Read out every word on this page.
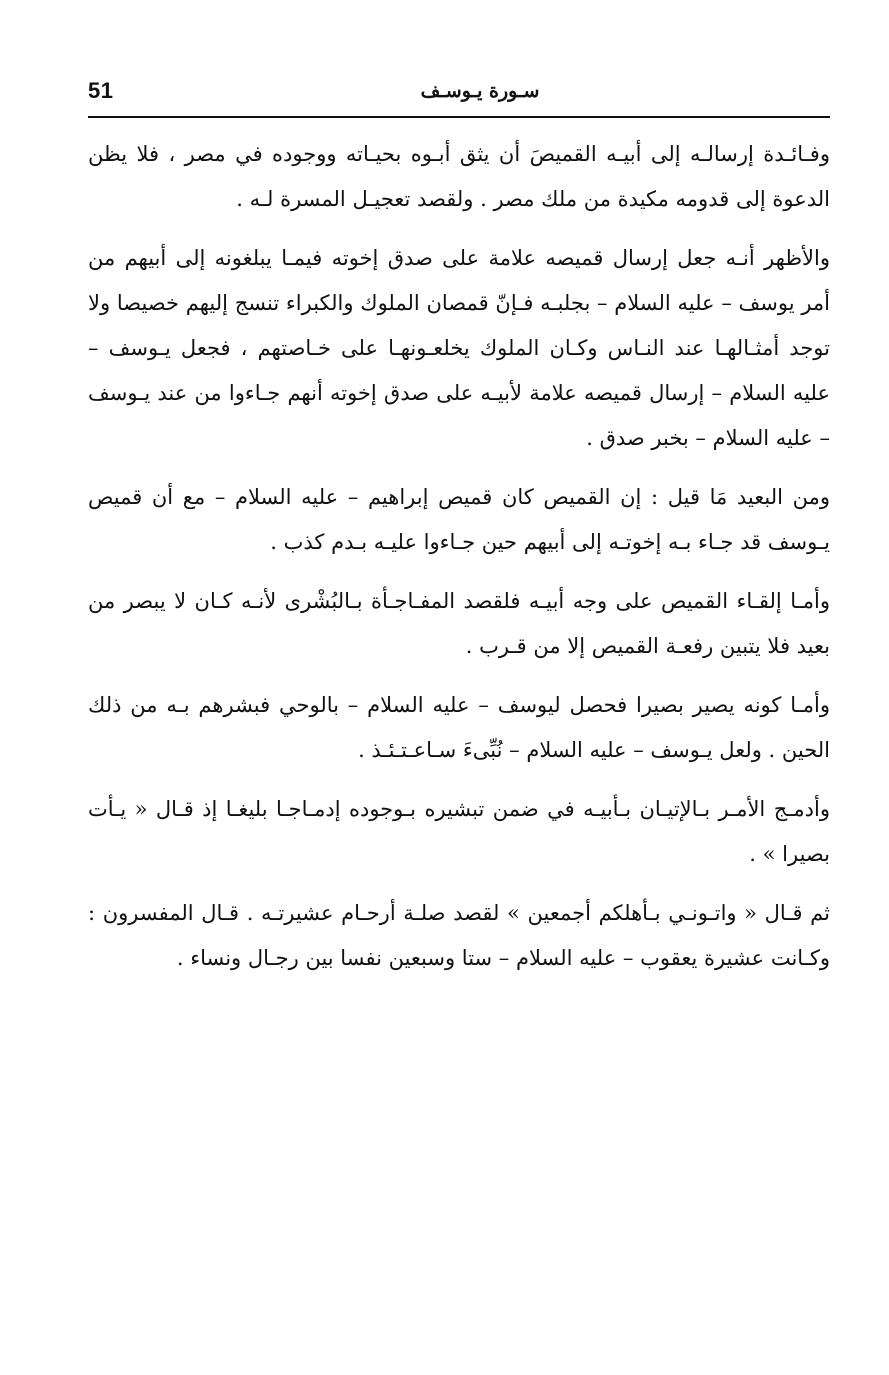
51	سـورة يـوسـف

وفـائـدة إرسالـه إلى أبيـه القميصَ أن يثق أبـوه بحيـاته ووجوده في مصر ، فلا يظن الدعوة إلى قدومه مكيدة من ملك مصر . ولقصد تعجيـل المسرة لـه .

والأظهر أنـه جعل إرسال قميصه علامة على صدق إخوته فيمـا يبلغونه إلى أبيهم من أمر يوسف – عليه السلام – بجلبـه فـإنّ قمصان الملوك والكبراء تنسج إليهم خصيصا ولا توجد أمثـالهـا عند النـاس وكـان الملوك يخلعـونهـا على خـاصتهم ، فجعل يـوسف – عليه السلام – إرسال قميصه علامة لأبيـه على صدق إخوته أنهم جـاءوا من عند يـوسف – عليه السلام – بخبر صدق .

ومن البعيد مَا قيل : إن القميص كان قميص إبراهيم – عليه السلام – مع أن قميص يـوسف قد جـاء بـه إخوتـه إلى أبيهم حين جـاءوا عليـه بـدم كذب .

وأمـا إلقـاء القميص على وجه أبيـه فلقصد المفـاجـأة بـالبُشْرى لأنـه كـان لا يبصر من بعيد فلا يتبين رفعـة القميص إلا من قـرب .

وأمـا كونه يصير بصيرا فحصل ليوسف – عليه السلام – بالوحي فبشرهم بـه من ذلك الحين . ولعل يـوسف – عليه السلام – نُبِّىءَ سـاعـتـئـذ .

وأدمـج الأمـر بـالإتيـان بـأبيـه في ضمن تبشيره بـوجوده إدمـاجـا بليغـا إذ قـال « يـأت بصيرا » .

ثم قـال « واتـونـي بـأهلكم أجمعين » لقصد صلـة أرحـام عشيرتـه . قـال المفسرون : وكـانت عشيرة يعقوب – عليه السلام – ستا وسبعين نفسا بين رجـال ونساء .
